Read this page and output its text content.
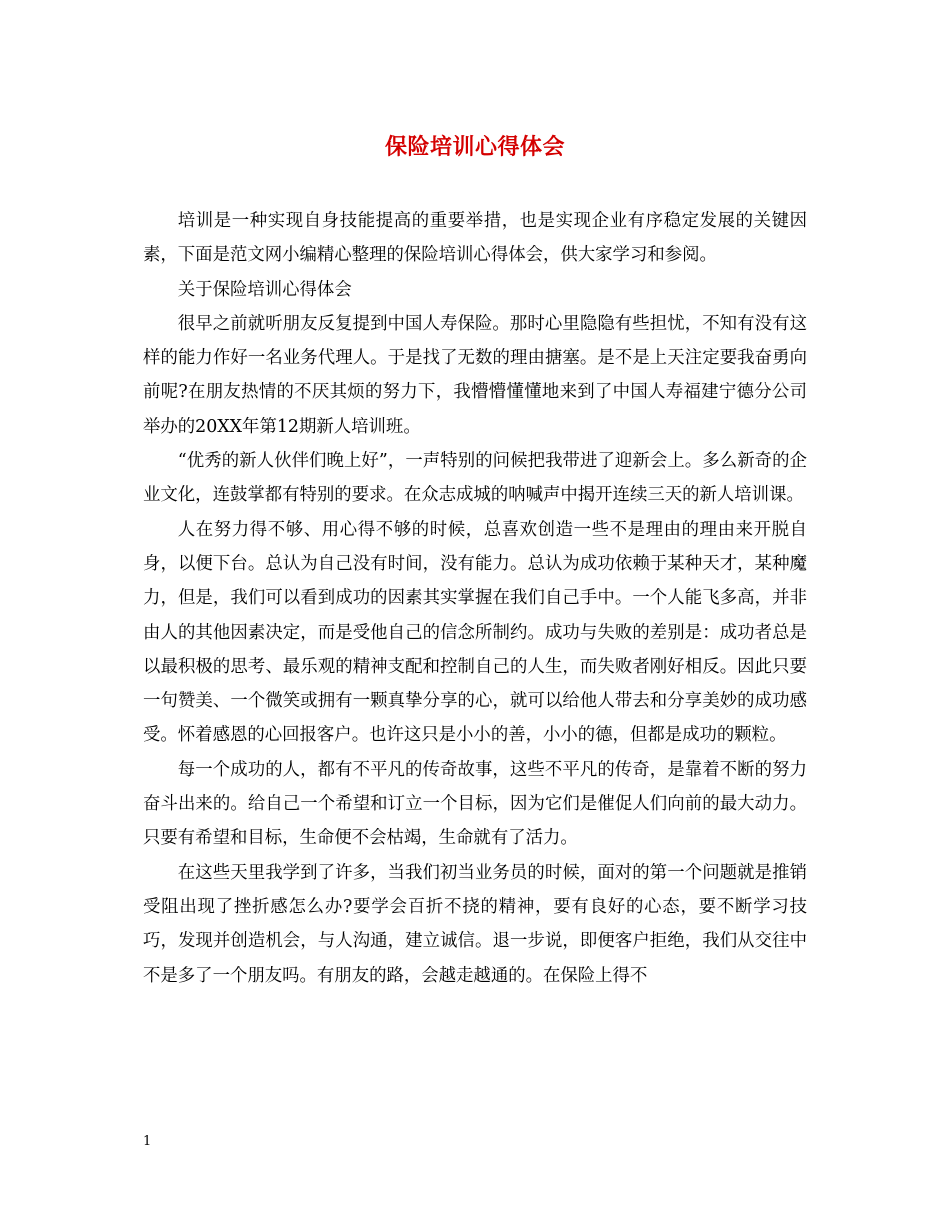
保险培训心得体会

培训是一种实现自身技能提高的重要举措，也是实现企业有序稳定发展的关键因素，下面是范文网小编精心整理的保险培训心得体会，供大家学习和参阅。

关于保险培训心得体会

很早之前就听朋友反复提到中国人寿保险。那时心里隐隐有些担忧，不知有没有这样的能力作好一名业务代理人。于是找了无数的理由搪塞。是不是上天注定要我奋勇向前呢?在朋友热情的不厌其烦的努力下，我懵懵懂懂地来到了中国人寿福建宁德分公司举办的20XX年第12期新人培训班。

“优秀的新人伙伴们晚上好”，一声特别的问候把我带进了迎新会上。多么新奇的企业文化，连鼓掌都有特别的要求。在众志成城的呐喊声中揭开连续三天的新人培训课。

人在努力得不够、用心得不够的时候，总喜欢创造一些不是理由的理由来开脱自身，以便下台。总认为自己没有时间，没有能力。总认为成功依赖于某种天才，某种魔力，但是，我们可以看到成功的因素其实掌握在我们自己手中。一个人能飞多高，并非由人的其他因素决定，而是受他自己的信念所制约。成功与失败的差别是：成功者总是以最积极的思考、最乐观的精神支配和控制自己的人生，而失败者刚好相反。因此只要一句赞美、一个微笑或拥有一颗真挚分享的心，就可以给他人带去和分享美妙的成功感受。怀着感恩的心回报客户。也许这只是小小的善，小小的德，但都是成功的颗粒。

每一个成功的人，都有不平凡的传奇故事，这些不平凡的传奇，是靠着不断的努力奋斗出来的。给自己一个希望和订立一个目标，因为它们是催促人们向前的最大动力。只要有希望和目标，生命便不会枯竭，生命就有了活力。

在这些天里我学到了许多，当我们初当业务员的时候，面对的第一个问题就是推销受阻出现了挫折感怎么办?要学会百折不挠的精神，要有良好的心态，要不断学习技巧，发现并创造机会，与人沟通，建立诚信。退一步说，即便客户拒绝，我们从交往中不是多了一个朋友吗。有朋友的路，会越走越通的。在保险上得不

1
